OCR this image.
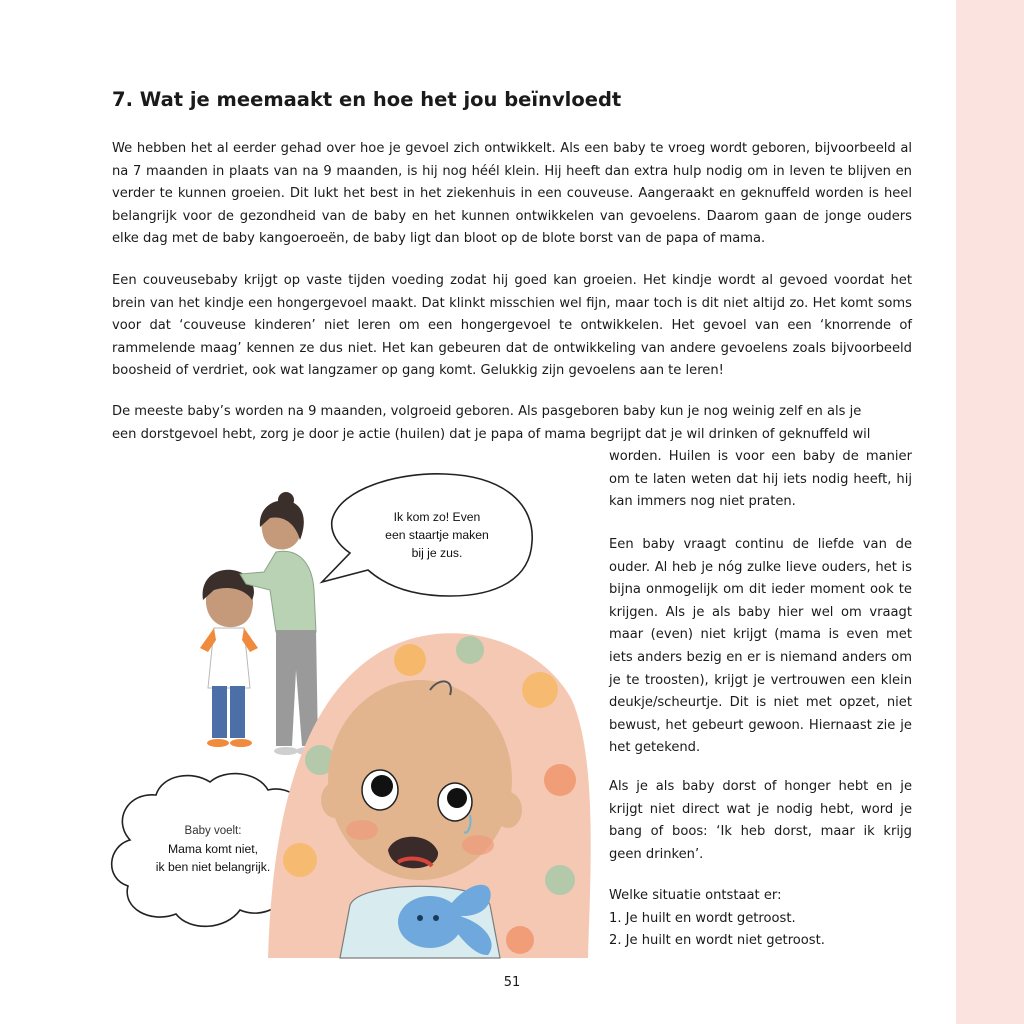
7. Wat je meemaakt en hoe het jou beïnvloedt

We hebben het al eerder gehad over hoe je gevoel zich ontwikkelt. Als een baby te vroeg wordt geboren, bijvoorbeeld al na 7 maanden in plaats van na 9 maanden, is hij nog héél klein. Hij heeft dan extra hulp nodig om in leven te blijven en verder te kunnen groeien. Dit lukt het best in het ziekenhuis in een couveuse. Aangeraakt en geknuffeld worden is heel belangrijk voor de gezondheid van de baby en het kunnen ontwikkelen van gevoelens. Daarom gaan de jonge ouders elke dag met de baby kangoeroeën, de baby ligt dan bloot op de blote borst van de papa of mama.

Een couveusebaby krijgt op vaste tijden voeding zodat hij goed kan groeien. Het kindje wordt al gevoed voordat het brein van het kindje een hongergevoel maakt. Dat klinkt misschien wel fijn, maar toch is dit niet altijd zo. Het komt soms voor dat ‘couveuse kinderen’ niet leren om een hongergevoel te ontwikkelen. Het gevoel van een ‘knorrende of rammelende maag’ kennen ze dus niet. Het kan gebeuren dat de ontwikkeling van andere gevoelens zoals bijvoorbeeld boosheid of verdriet, ook wat langzamer op gang komt. Gelukkig zijn gevoelens aan te leren!

De meeste baby’s worden na 9 maanden, volgroeid geboren. Als pasgeboren baby kun je nog weinig zelf en als je

een dorstgevoel hebt, zorg je door je actie (huilen) dat je papa of mama begrijpt dat je wil drinken of geknuffeld wil

worden. Huilen is voor een baby de manier om te laten weten dat hij iets nodig heeft, hij kan immers nog niet praten.

Een baby vraagt continu de liefde van de ouder. Al heb je nóg zulke lieve ouders, het is bijna onmogelijk om dit ieder moment ook te krijgen. Als je als baby hier wel om vraagt maar (even) niet krijgt (mama is even met iets anders bezig en er is niemand anders om je te troosten), krijgt je vertrouwen een klein deukje/scheurtje. Dit is niet met opzet, niet bewust, het gebeurt gewoon. Hiernaast zie je het getekend.

Als je als baby dorst of honger hebt en je krijgt niet direct wat je nodig hebt, word je bang of boos: ‘Ik heb dorst, maar ik krijg geen drinken’.

Welke situatie ontstaat er:
1. Je huilt en wordt getroost.
2. Je huilt en wordt niet getroost.

Ik kom zo! Even
een staartje maken
bij je zus.
Baby voelt:
Mama komt niet,
ik ben niet belangrijk.
51
